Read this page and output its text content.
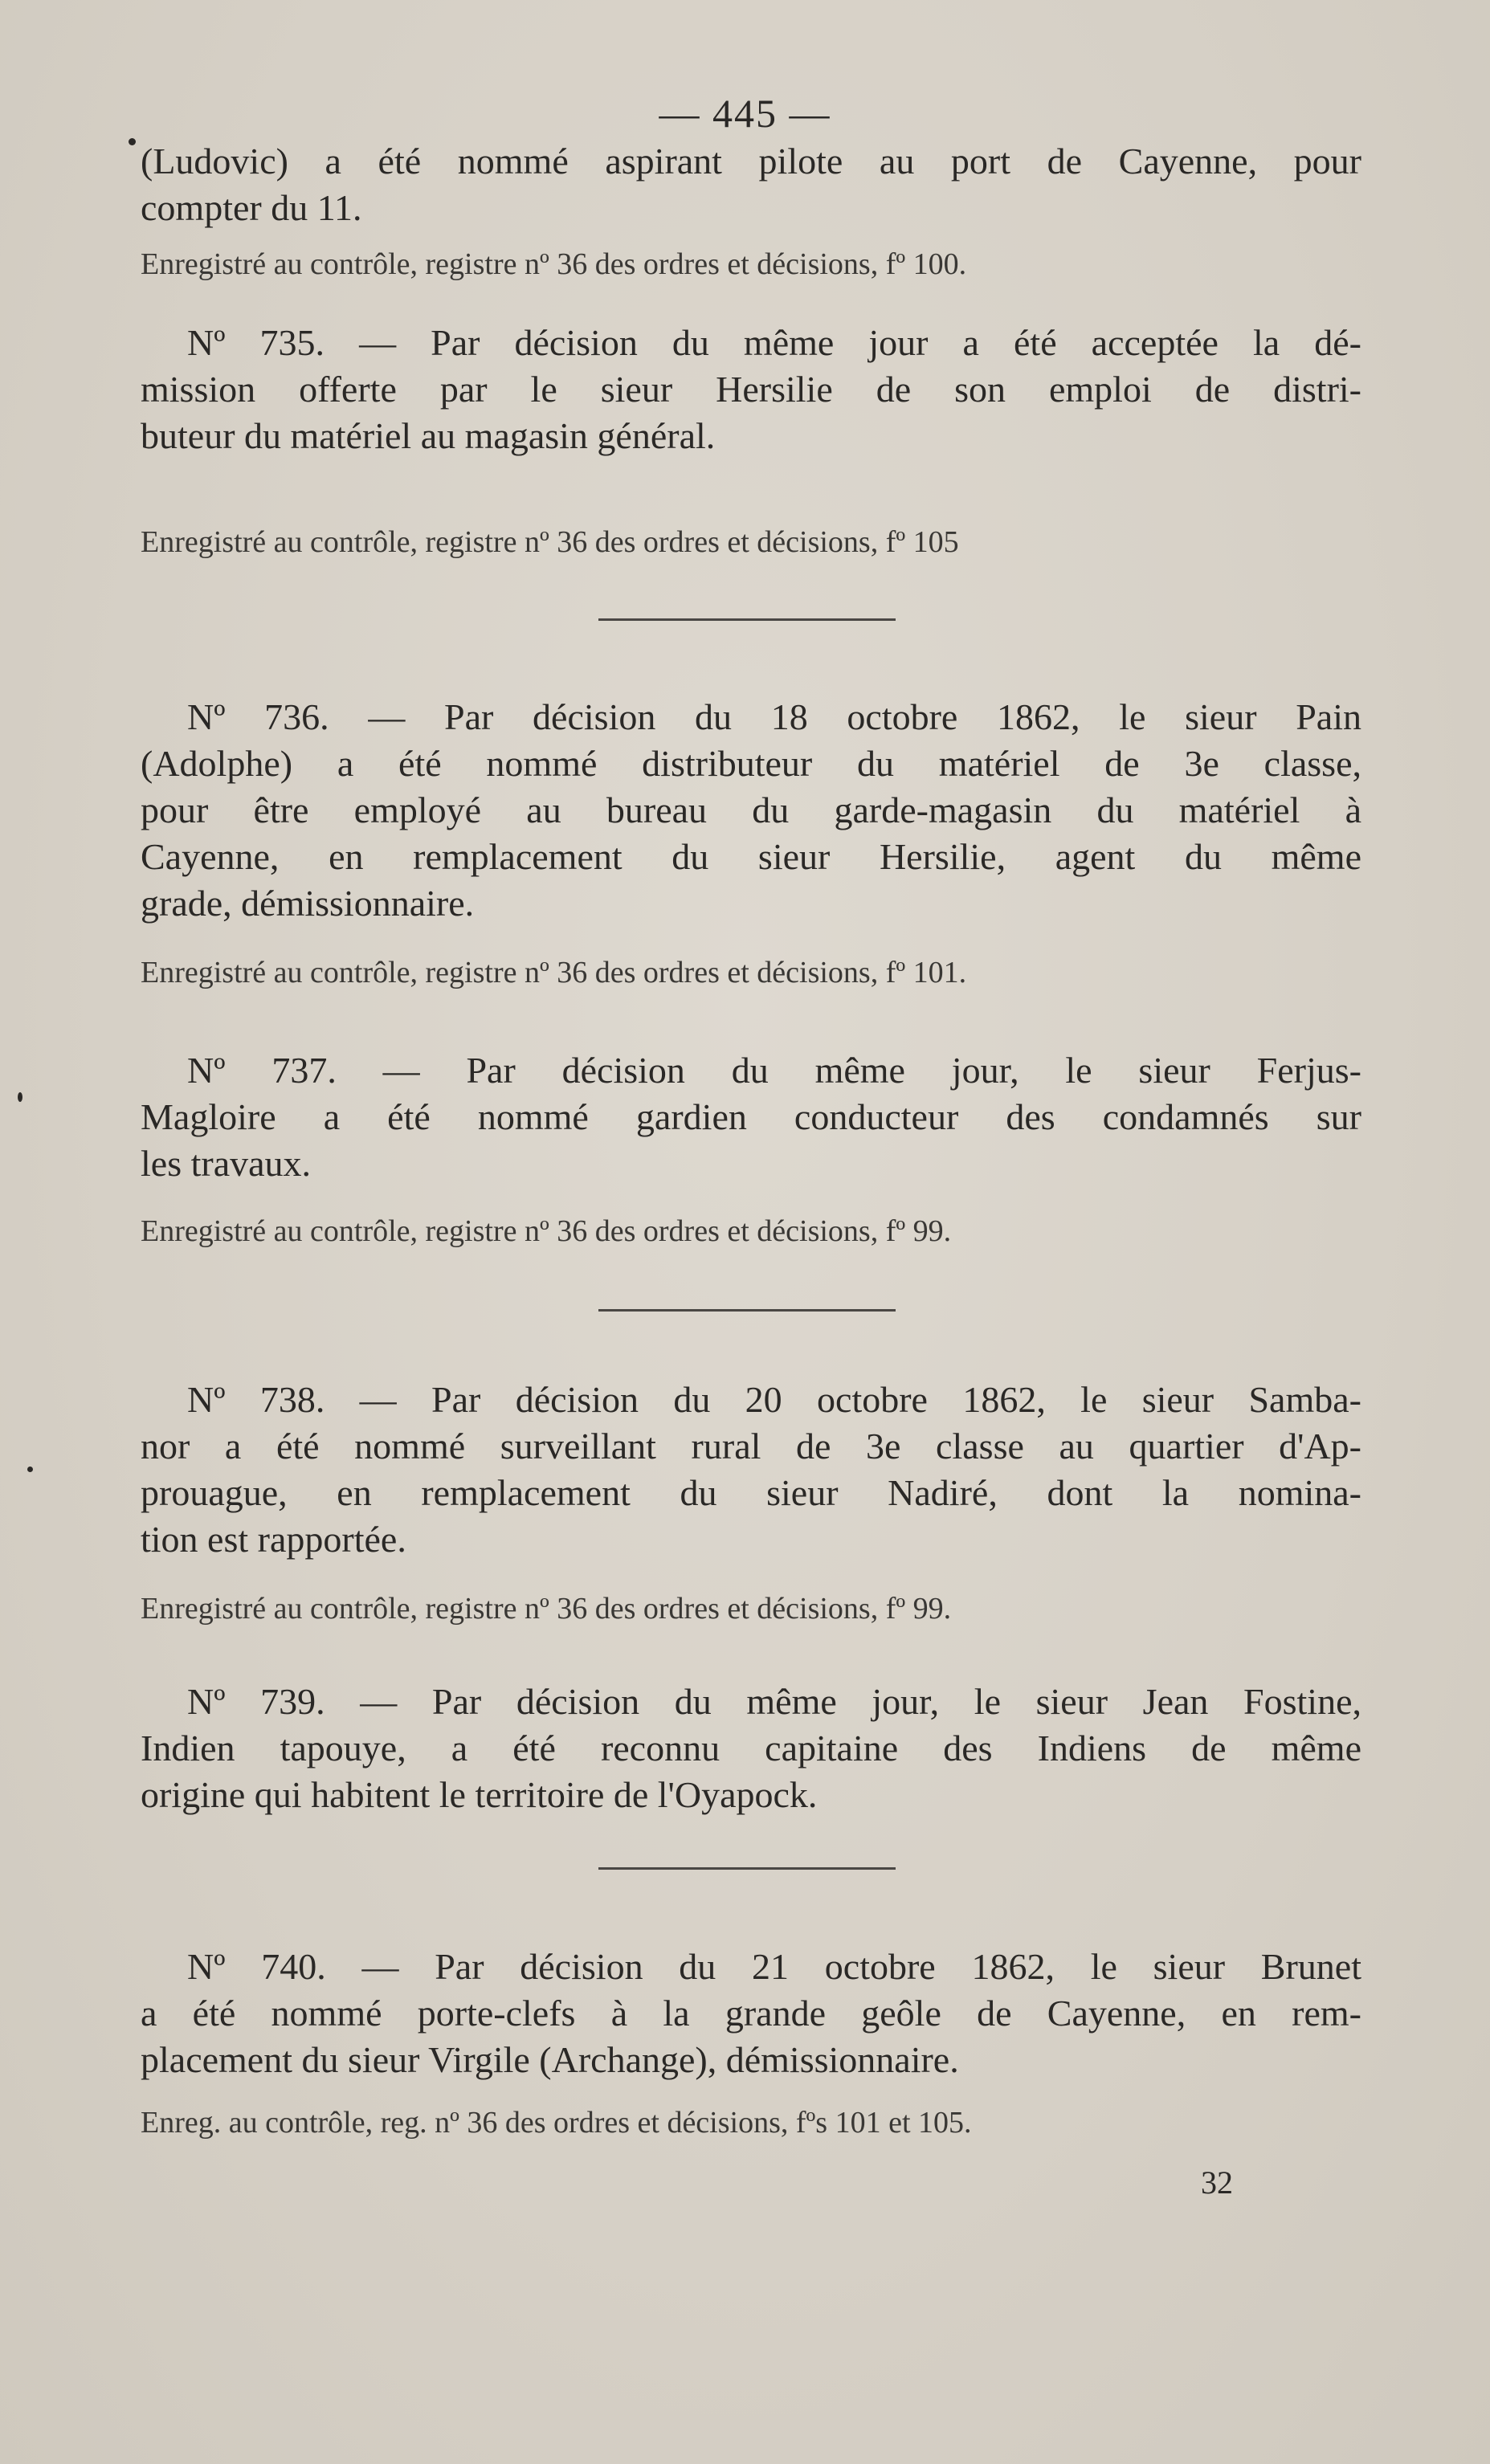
— 445 —
(Ludovic) a été nommé aspirant pilote au port de Cayenne, pour
compter du 11.
Enregistré au contrôle, registre nº 36 des ordres et décisions, fº 100.
Nº 735. — Par décision du même jour a été acceptée la dé-
mission offerte par le sieur Hersilie de son emploi de distri-
buteur du matériel au magasin général.
Enregistré au contrôle, registre nº 36 des ordres et décisions, fº 105
Nº 736. — Par décision du 18 octobre 1862, le sieur Pain
(Adolphe) a été nommé distributeur du matériel de 3e classe,
pour être employé au bureau du garde-magasin du matériel à
Cayenne, en remplacement du sieur Hersilie, agent du même
grade, démissionnaire.
Enregistré au contrôle, registre nº 36 des ordres et décisions, fº 101.
Nº 737. — Par décision du même jour, le sieur Ferjus-
Magloire a été nommé gardien conducteur des condamnés sur
les travaux.
Enregistré au contrôle, registre nº 36 des ordres et décisions, fº 99.
Nº 738. — Par décision du 20 octobre 1862, le sieur Samba-
nor a été nommé surveillant rural de 3e classe au quartier d'Ap-
prouague, en remplacement du sieur Nadiré, dont la nomina-
tion est rapportée.
Enregistré au contrôle, registre nº 36 des ordres et décisions, fº 99.
Nº 739. — Par décision du même jour, le sieur Jean Fostine,
Indien tapouye, a été reconnu capitaine des Indiens de même
origine qui habitent le territoire de l'Oyapock.
Nº 740. — Par décision du 21 octobre 1862, le sieur Brunet
a été nommé porte-clefs à la grande geôle de Cayenne, en rem-
placement du sieur Virgile (Archange), démissionnaire.
Enreg. au contrôle, reg. nº 36 des ordres et décisions, fºs 101 et 105.
32
